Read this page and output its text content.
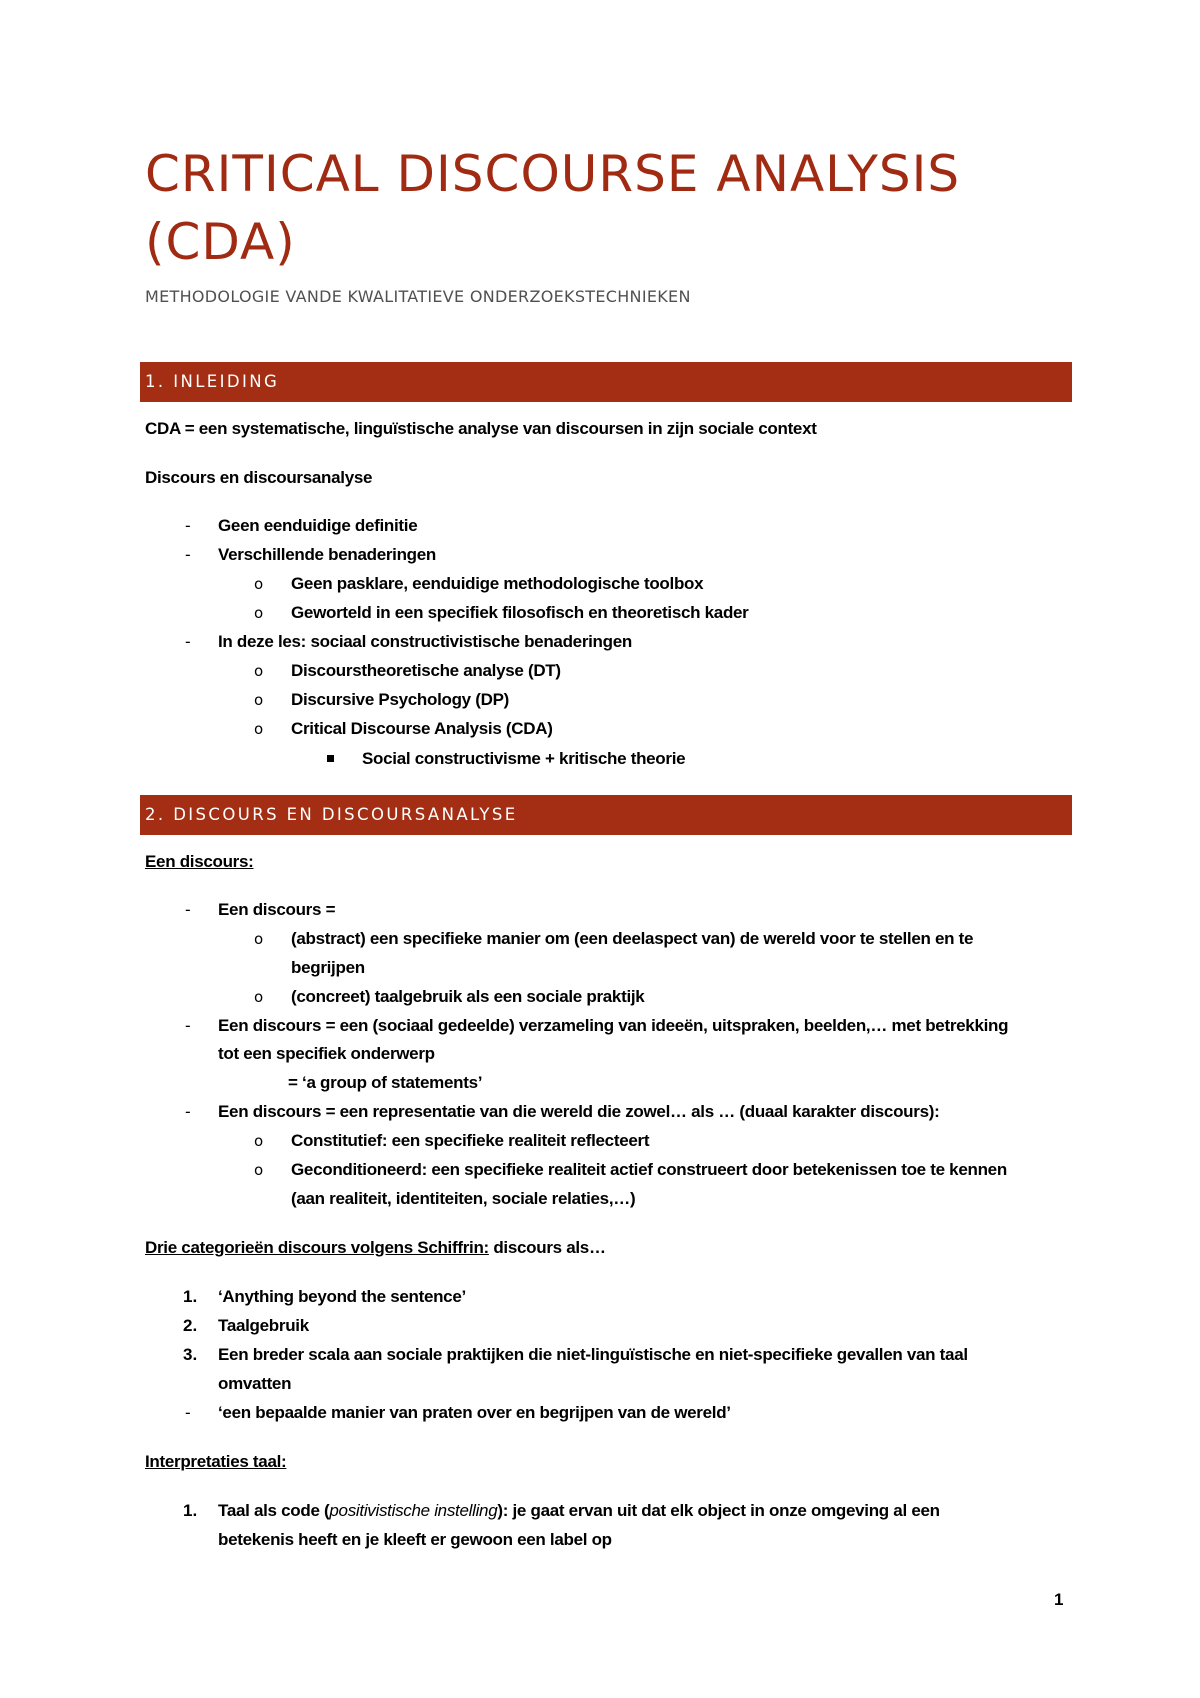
CRITICAL DISCOURSE ANALYSIS (CDA)
METHODOLOGIE VANDE KWALITATIEVE ONDERZOEKSTECHNIEKEN
1. INLEIDING
CDA = een systematische, linguïstische analyse van discoursen in zijn sociale context
Discours en discoursanalyse
- Geen eenduidige definitie
- Verschillende benaderingen
o Geen pasklare, eenduidige methodologische toolbox
o Geworteld in een specifiek filosofisch en theoretisch kader
- In deze les: sociaal constructivistische benaderingen
o Discourstheoretische analyse (DT)
o Discursive Psychology (DP)
o Critical Discourse Analysis (CDA)
Social constructivisme + kritische theorie
2. DISCOURS EN DISCOURSANALYSE
Een discours:
- Een discours =
o (abstract) een specifieke manier om (een deelaspect van) de wereld voor te stellen en te
begrijpen
o (concreet) taalgebruik als een sociale praktijk
- Een discours = een (sociaal gedeelde) verzameling van ideeën, uitspraken, beelden,… met betrekking
tot een specifiek onderwerp
= ‘a group of statements’
- Een discours = een representatie van die wereld die zowel… als … (duaal karakter discours):
o Constitutief: een specifieke realiteit reflecteert
o Geconditioneerd: een specifieke realiteit actief construeert door betekenissen toe te kennen
(aan realiteit, identiteiten, sociale relaties,…)
Drie categorieën discours volgens Schiffrin: discours als…
1. ‘Anything beyond the sentence’
2. Taalgebruik
3. Een breder scala aan sociale praktijken die niet-linguïstische en niet-specifieke gevallen van taal
omvatten
- ‘een bepaalde manier van praten over en begrijpen van de wereld’
Interpretaties taal:
1. Taal als code (positivistische instelling): je gaat ervan uit dat elk object in onze omgeving al een
betekenis heeft en je kleeft er gewoon een label op
1
